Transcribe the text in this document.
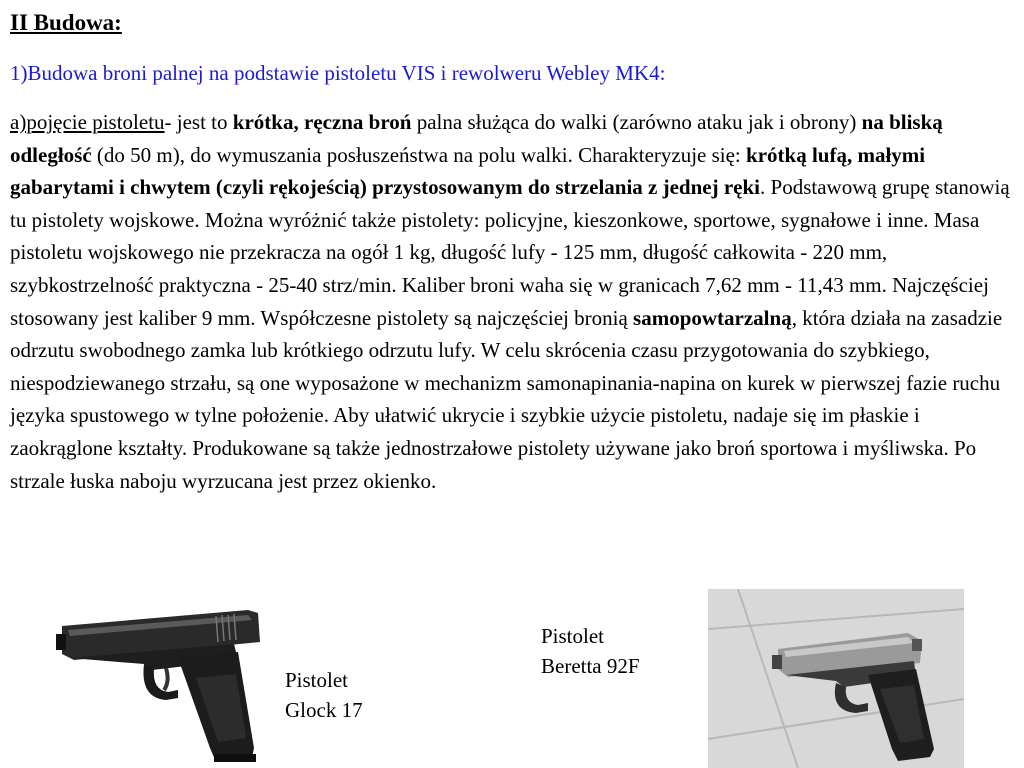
II Budowa:
1)Budowa broni palnej na podstawie pistoletu VIS i rewolweru Webley MK4:
a)pojęcie pistoletu- jest to krótka, ręczna broń palna służąca do walki (zarówno ataku jak i obrony) na bliską odległość (do 50 m), do wymuszania posłuszeństwa na polu walki. Charakteryzuje się: krótką lufą, małymi gabarytami i chwytem (czyli rękojeścią) przystosowanym do strzelania z jednej ręki. Podstawową grupę stanowią tu pistolety wojskowe. Można wyróżnić także pistolety: policyjne, kieszonkowe, sportowe, sygnałowe i inne. Masa pistoletu wojskowego nie przekracza na ogół 1 kg, długość lufy - 125 mm, długość całkowita - 220 mm, szybkostrzelność praktyczna - 25-40 strz/min. Kaliber broni waha się w granicach 7,62 mm - 11,43 mm. Najczęściej stosowany jest kaliber 9 mm. Współczesne pistolety są najczęściej bronią samopowtarzalną, która działa na zasadzie odrzutu swobodnego zamka lub krótkiego odrzutu lufy. W celu skrócenia czasu przygotowania do szybkiego, niespodziewanego strzału, są one wyposażone w mechanizm samonapinania-napina on kurek w pierwszej fazie ruchu języka spustowego w tylne położenie. Aby ułatwić ukrycie i szybkie użycie pistoletu, nadaje się im płaskie i zaokrąglone kształty. Produkowane są także jednostrzałowe pistolety używane jako broń sportowa i myśliwska. Po strzale łuska naboju wyrzucana jest przez okienko.
Pistolet
Glock 17
Pistolet
Beretta 92F
